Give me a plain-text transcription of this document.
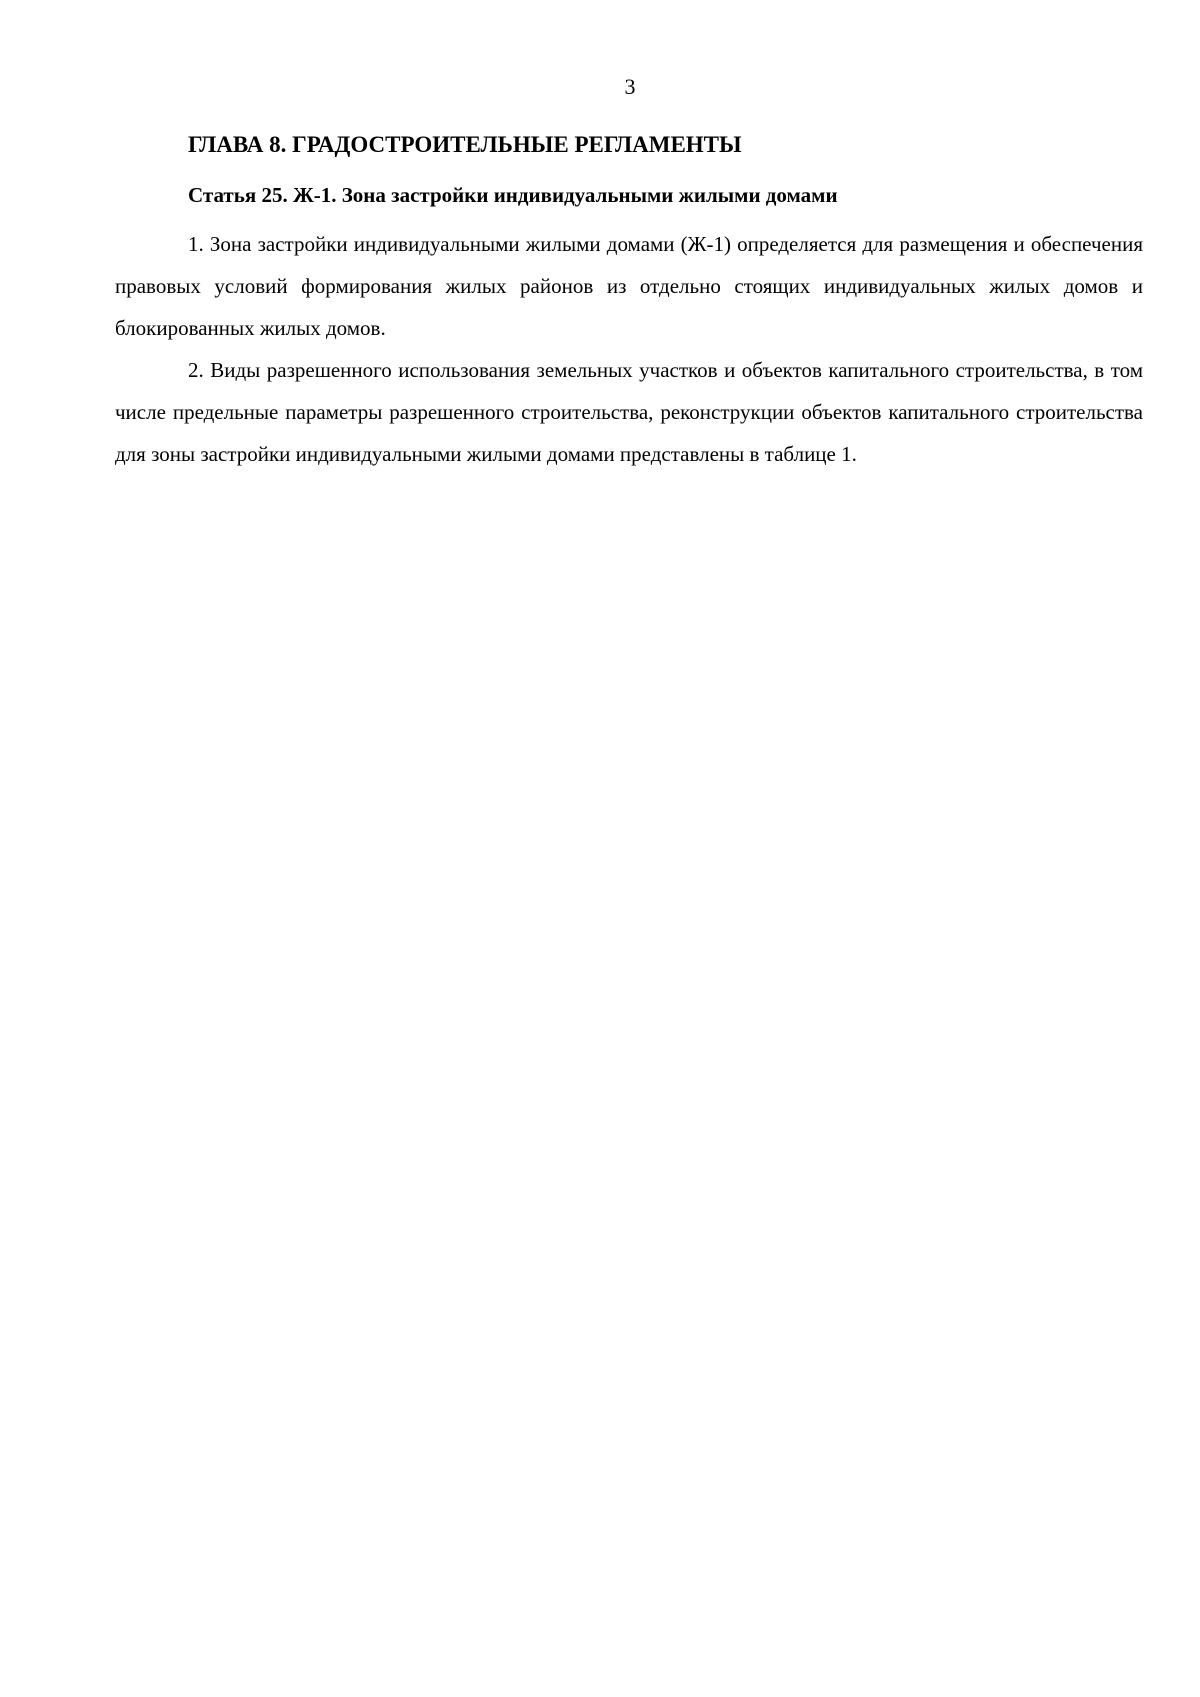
3
ГЛАВА 8. ГРАДОСТРОИТЕЛЬНЫЕ РЕГЛАМЕНТЫ
Статья 25. Ж-1. Зона застройки индивидуальными жилыми домами

1. Зона застройки индивидуальными жилыми домами (Ж-1) определяется для размещения и обеспечения правовых условий формирования жилых районов из отдельно стоящих индивидуальных жилых домов и блокированных жилых домов.

2. Виды разрешенного использования земельных участков и объектов капитального строительства, в том числе предельные параметры разрешенного строительства, реконструкции объектов капитального строительства для зоны застройки индивидуальными жилыми домами представлены в таблице 1.
